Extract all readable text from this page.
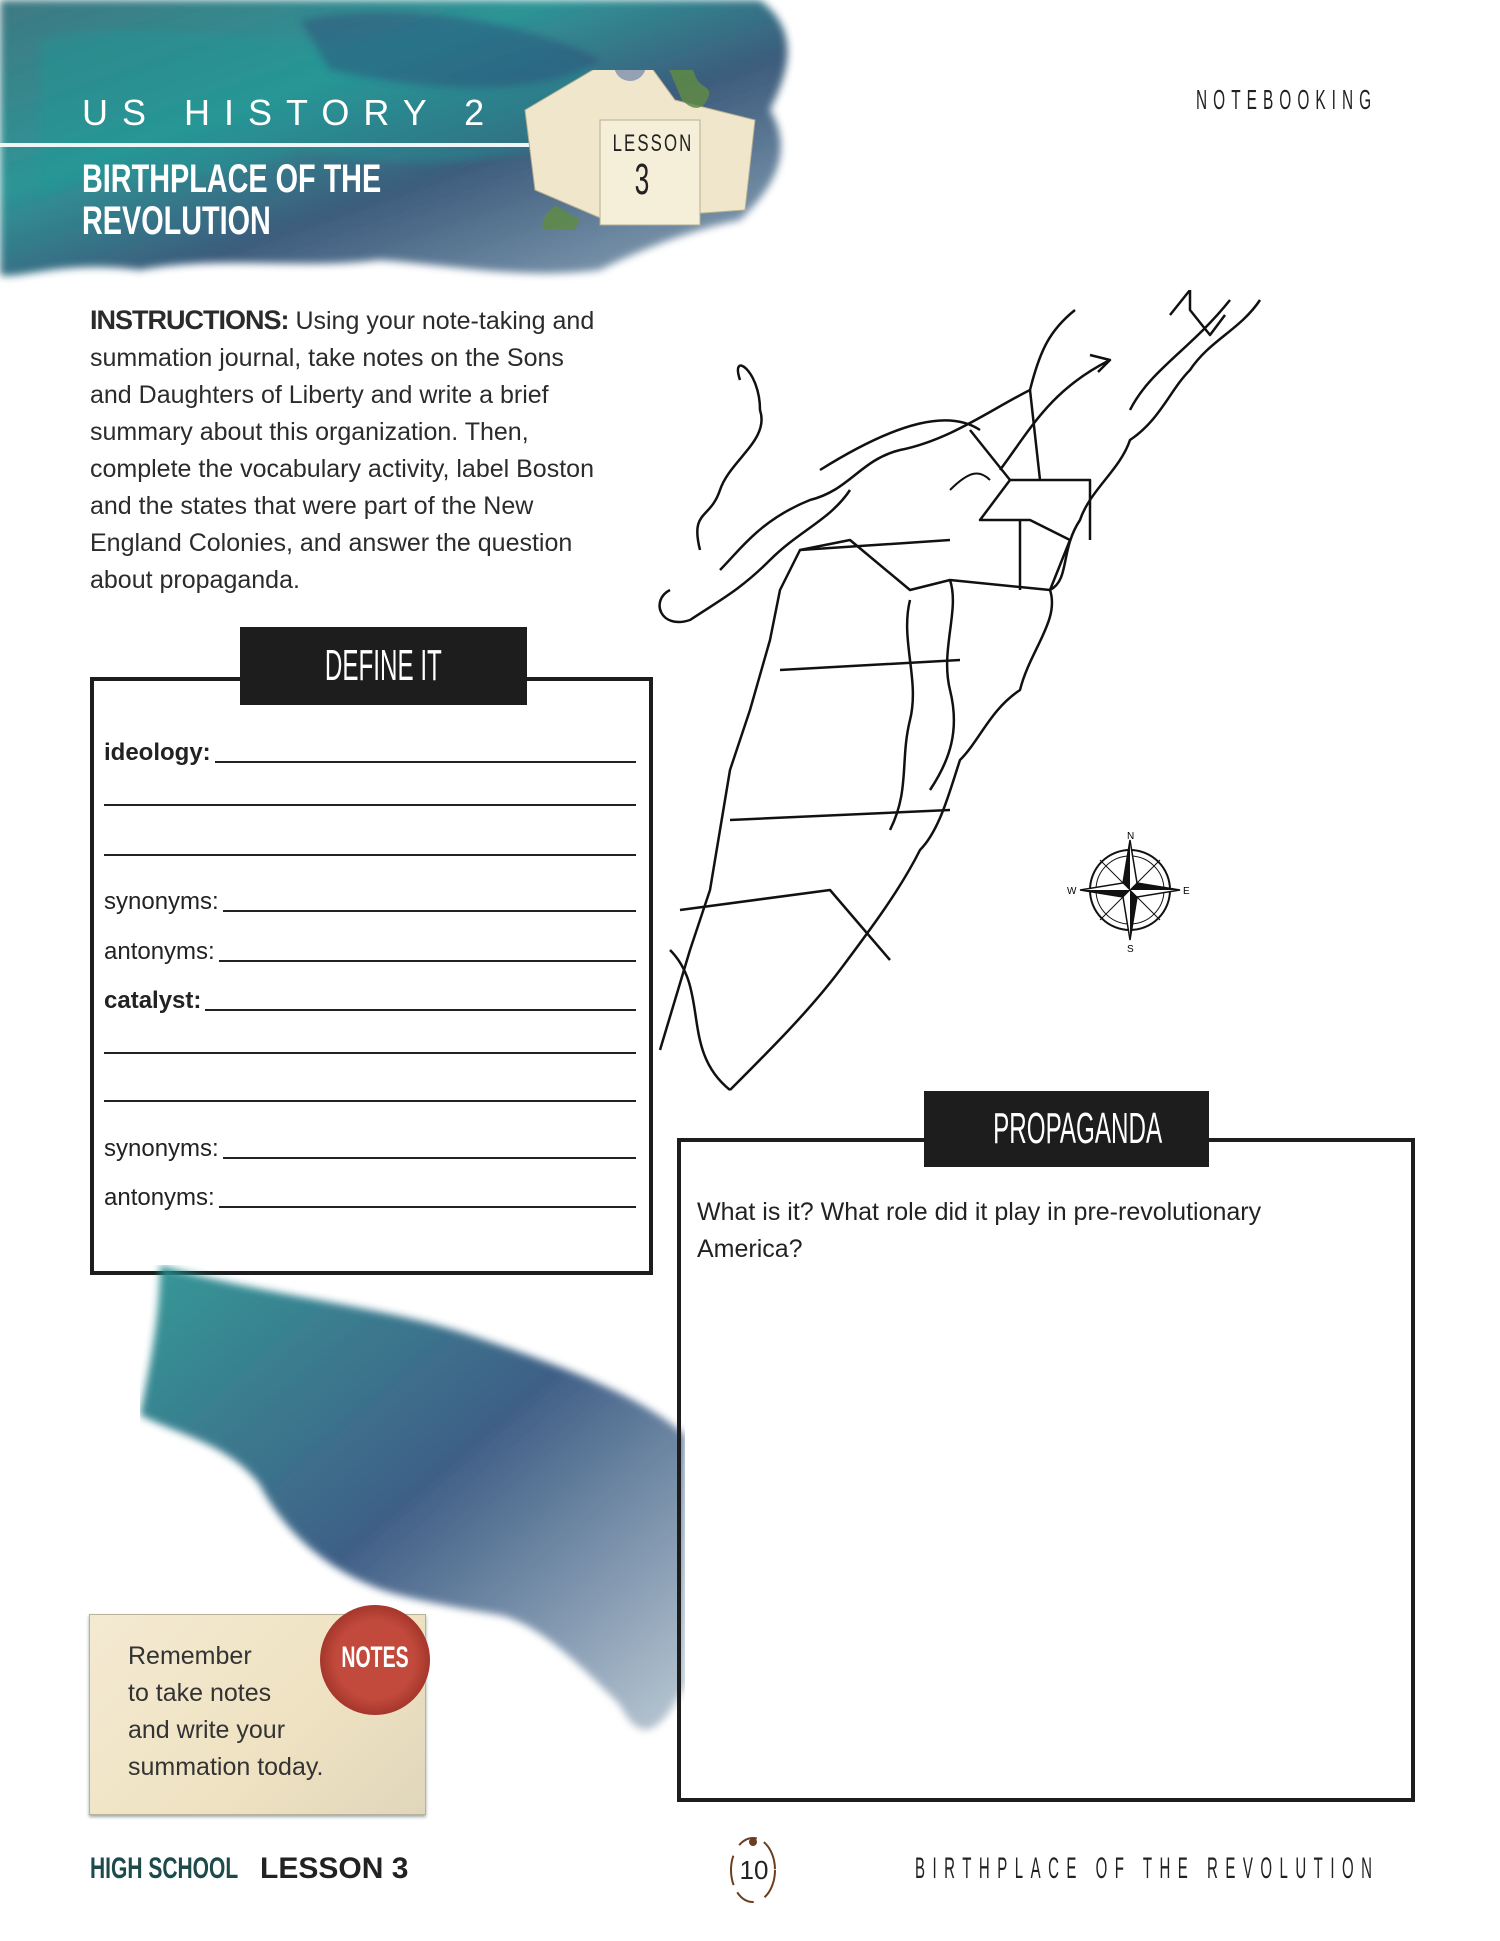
US HISTORY 2
BIRTHPLACE OF THE
REVOLUTION
LESSON
3
NOTEBOOKING
INSTRUCTIONS: Using your note-taking and summation journal, take notes on the Sons and Daughters of Liberty and write a brief summary about this organization. Then, complete the vocabulary activity, label Boston and the states that were part of the New England Colonies, and answer the question about propaganda.
DEFINE IT
ideology:
synonyms:
antonyms:
catalyst:
synonyms:
antonyms:
N
S
E
W
PROPAGANDA
What is it? What role did it play in pre-revolutionary America?
Remember
to take notes
and write your
summation today.
NOTES
HIGH SCHOOL LESSON 3	10	BIRTHPLACE OF THE REVOLUTION
